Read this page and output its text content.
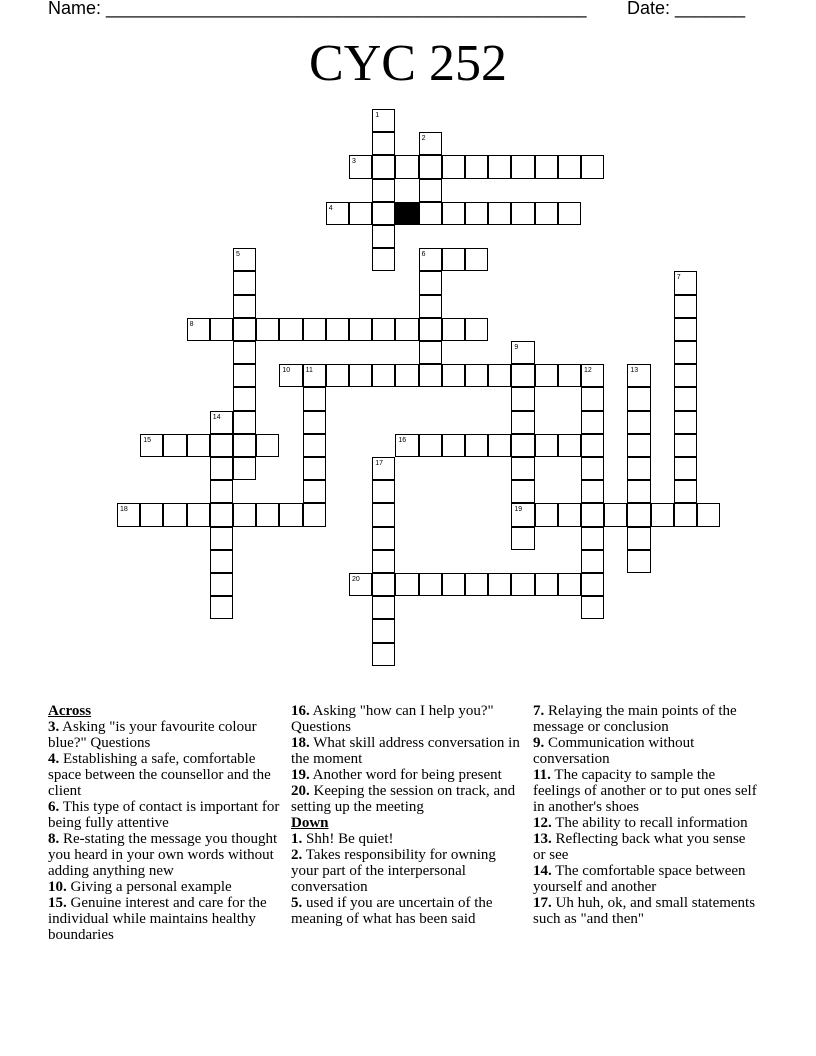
Name: ________________________________________________ Date: _______
CYC 252
1
2
3
4
5	6
7
8
9
19
10 11	12	13
14
15	16
17
18
20
Across
3. Asking "is your favourite colour blue?" Questions
4. Establishing a safe, comfortable space between the counsellor and the client
6. This type of contact is important for being fully attentive
8. Re-stating the message you thought you heard in your own words without adding anything new
10. Giving a personal example
15. Genuine interest and care for the individual while maintains healthy boundaries
16. Asking "how can I help you?" Questions
18. What skill address conversation in the moment
19. Another word for being present
20. Keeping the session on track, and setting up the meeting
Down
1. Shh! Be quiet!
2. Takes responsibility for owning your part of the interpersonal conversation
5. used if you are uncertain of the meaning of what has been said
7. Relaying the main points of the message or conclusion
9. Communication without conversation
11. The capacity to sample the feelings of another or to put ones self in another's shoes
12. The ability to recall information
13. Reflecting back what you sense or see
14. The comfortable space between yourself and another
17. Uh huh, ok, and small statements such as "and then"
